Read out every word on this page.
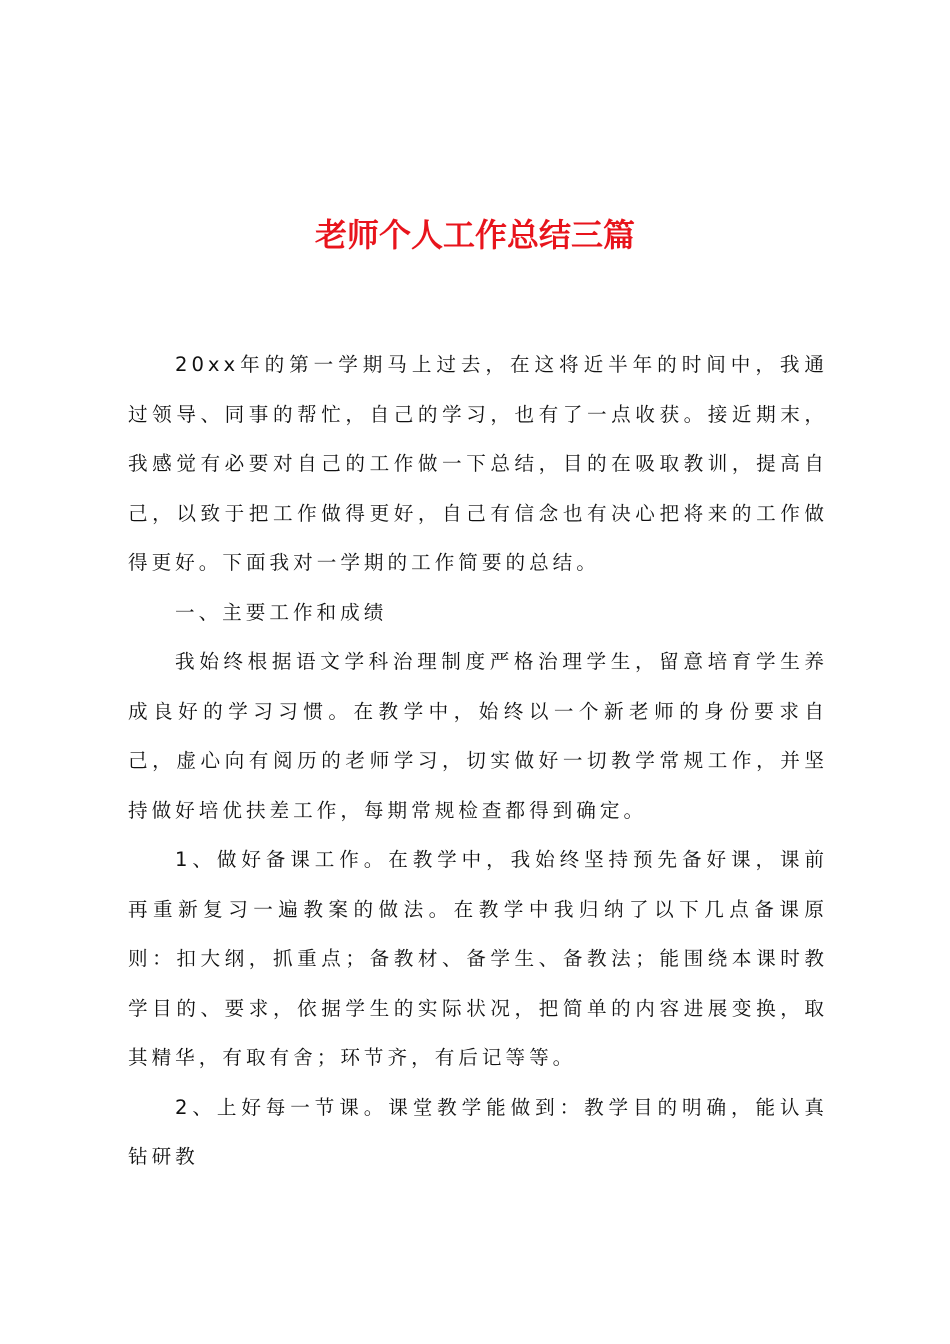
老师个人工作总结三篇

20xx年的第一学期马上过去，在这将近半年的时间中，我通过领导、同事的帮忙，自己的学习，也有了一点收获。接近期末，我感觉有必要对自己的工作做一下总结，目的在吸取教训，提高自己，以致于把工作做得更好，自己有信念也有决心把将来的工作做得更好。下面我对一学期的工作简要的总结。

一、主要工作和成绩

我始终根据语文学科治理制度严格治理学生，留意培育学生养成良好的学习习惯。在教学中，始终以一个新老师的身份要求自己，虚心向有阅历的老师学习，切实做好一切教学常规工作，并坚持做好培优扶差工作，每期常规检查都得到确定。

1、做好备课工作。在教学中，我始终坚持预先备好课，课前再重新复习一遍教案的做法。在教学中我归纳了以下几点备课原则：扣大纲，抓重点；备教材、备学生、备教法；能围绕本课时教学目的、要求，依据学生的实际状况，把简单的内容进展变换，取其精华，有取有舍；环节齐，有后记等等。

2、上好每一节课。课堂教学能做到：教学目的明确，能认真钻研教
